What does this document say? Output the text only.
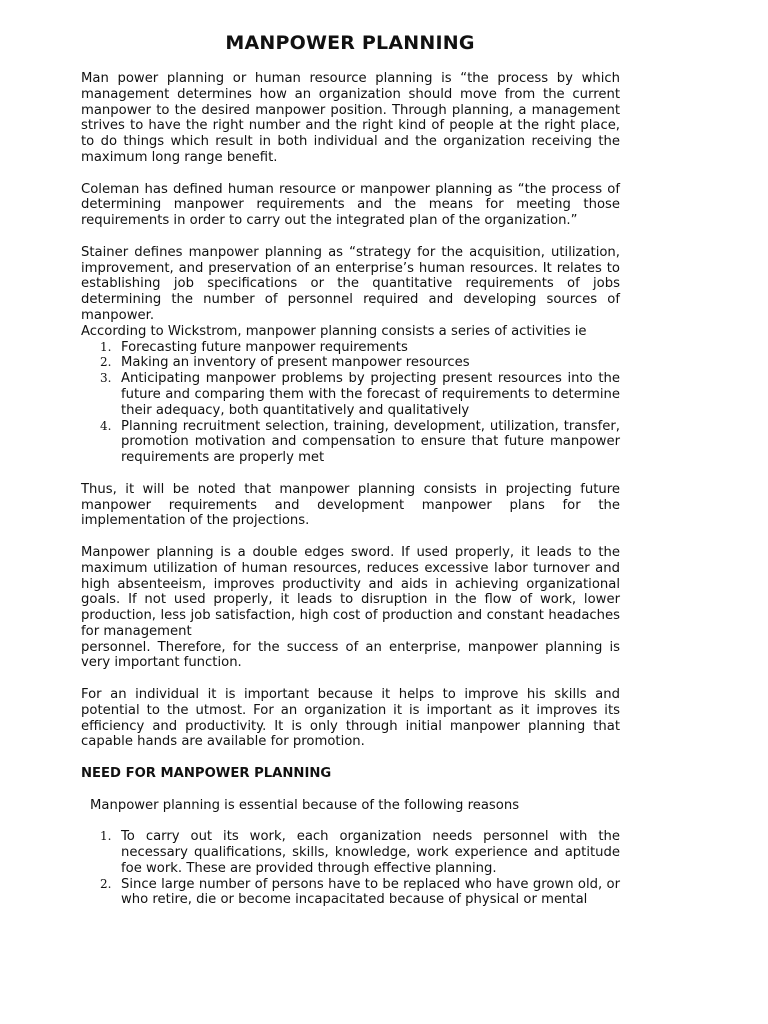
MANPOWER PLANNING

Man power planning or human resource planning is “the process by which management determines how an organization should move from the current manpower to the desired manpower position. Through planning, a management strives to have the right number and the right kind of people at the right place, to do things which result in both individual and the organization receiving the maximum long range benefit.

Coleman has defined human resource or manpower planning as “the process of determining manpower requirements and the means for meeting those requirements in order to carry out the integrated plan of the organization.”

Stainer defines manpower planning as “strategy for the acquisition, utilization, improvement, and preservation of an enterprise’s human resources. It relates to establishing job specifications or the quantitative requirements of jobs determining the number of personnel required and developing sources of manpower.

According to Wickstrom, manpower planning consists a series of activities ie

1. Forecasting future manpower requirements
2. Making an inventory of present manpower resources
3. Anticipating manpower problems by projecting present resources into the future and comparing them with the forecast of requirements to determine their adequacy, both quantitatively and qualitatively
4. Planning recruitment selection, training, development, utilization, transfer, promotion motivation and compensation to ensure that future manpower requirements are properly met

Thus, it will be noted that manpower planning consists in projecting future manpower requirements and development manpower plans for the implementation of the projections.

Manpower planning is a double edges sword. If used properly, it leads to the maximum utilization of human resources, reduces excessive labor turnover and high absenteeism, improves productivity and aids in achieving organizational goals. If not used properly, it leads to disruption in the flow of work, lower production, less job satisfaction, high cost of production and constant headaches for management

personnel. Therefore, for the success of an enterprise, manpower planning is very important function.

For an individual it is important because it helps to improve his skills and potential to the utmost. For an organization it is important as it improves its efficiency and productivity. It is only through initial manpower planning that capable hands are available for promotion.

NEED FOR MANPOWER PLANNING

Manpower planning is essential because of the following reasons

1. To carry out its work, each organization needs personnel with the necessary qualifications, skills, knowledge, work experience and aptitude foe work. These are provided through effective planning.
2. Since large number of persons have to be replaced who have grown old, or who retire, die or become incapacitated because of physical or mental
